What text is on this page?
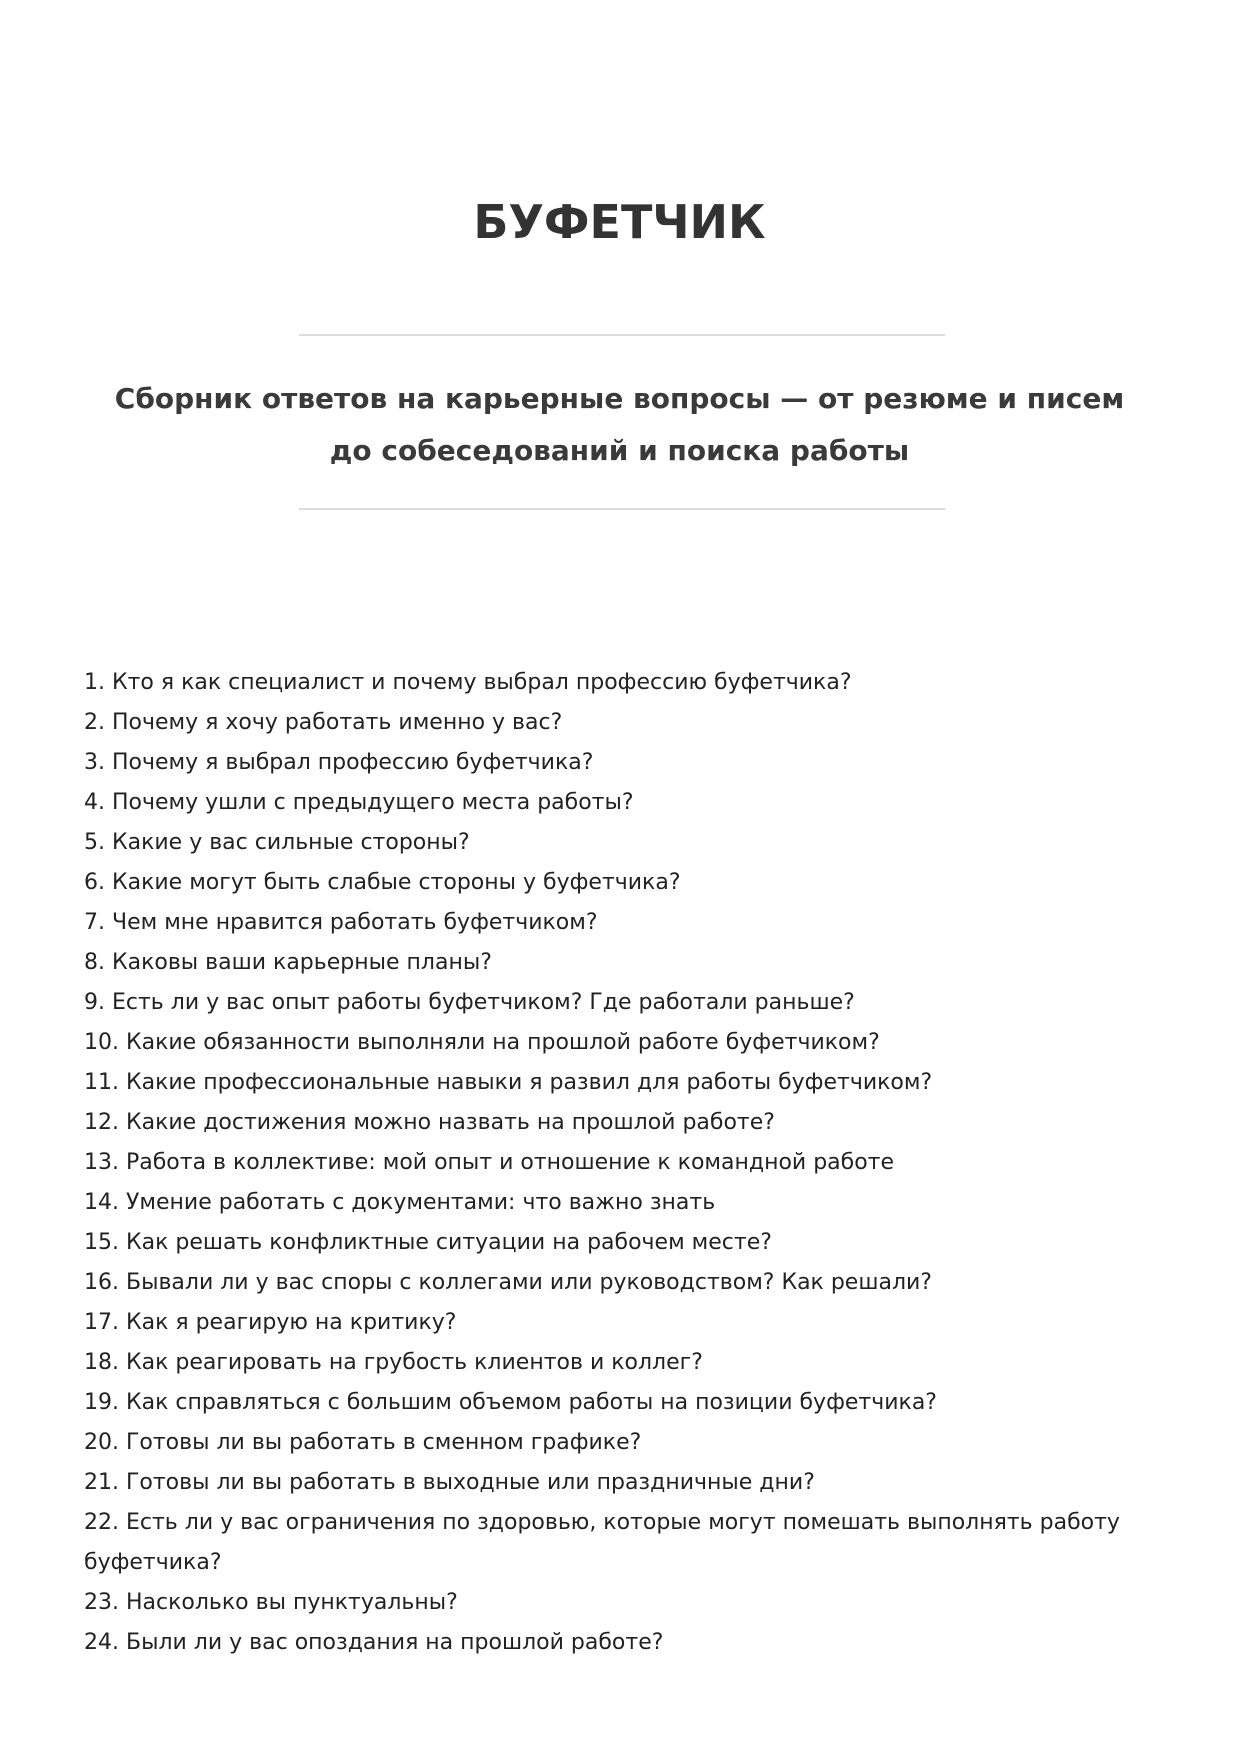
БУФЕТЧИК

Сборник ответов на карьерные вопросы — от резюме и писем до собеседований и поиска работы

1. Кто я как специалист и почему выбрал профессию буфетчика?
2. Почему я хочу работать именно у вас?
3. Почему я выбрал профессию буфетчика?
4. Почему ушли с предыдущего места работы?
5. Какие у вас сильные стороны?
6. Какие могут быть слабые стороны у буфетчика?
7. Чем мне нравится работать буфетчиком?
8. Каковы ваши карьерные планы?
9. Есть ли у вас опыт работы буфетчиком? Где работали раньше?
10. Какие обязанности выполняли на прошлой работе буфетчиком?
11. Какие профессиональные навыки я развил для работы буфетчиком?
12. Какие достижения можно назвать на прошлой работе?
13. Работа в коллективе: мой опыт и отношение к командной работе
14. Умение работать с документами: что важно знать
15. Как решать конфликтные ситуации на рабочем месте?
16. Бывали ли у вас споры с коллегами или руководством? Как решали?
17. Как я реагирую на критику?
18. Как реагировать на грубость клиентов и коллег?
19. Как справляться с большим объемом работы на позиции буфетчика?
20. Готовы ли вы работать в сменном графике?
21. Готовы ли вы работать в выходные или праздничные дни?
22. Есть ли у вас ограничения по здоровью, которые могут помешать выполнять работу буфетчика?
23. Насколько вы пунктуальны?
24. Были ли у вас опоздания на прошлой работе?
